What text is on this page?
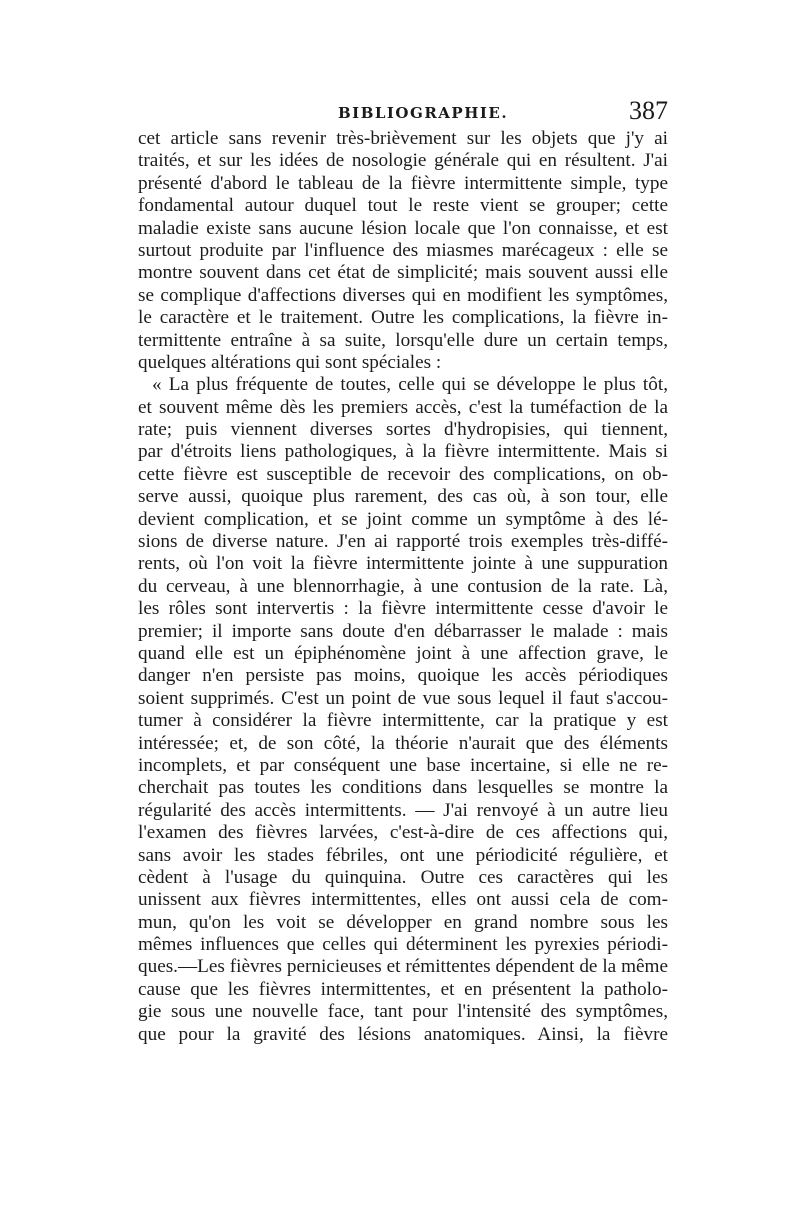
BIBLIOGRAPHIE.	387
cet article sans revenir très-brièvement sur les objets que j'y ai
traités, et sur les idées de nosologie générale qui en résultent. J'ai
présenté d'abord le tableau de la fièvre intermittente simple, type
fondamental autour duquel tout le reste vient se grouper; cette
maladie existe sans aucune lésion locale que l'on connaisse, et est
surtout produite par l'influence des miasmes marécageux : elle se
montre souvent dans cet état de simplicité; mais souvent aussi elle
se complique d'affections diverses qui en modifient les symptômes,
le caractère et le traitement. Outre les complications, la fièvre in-
termittente entraîne à sa suite, lorsqu'elle dure un certain temps,
quelques altérations qui sont spéciales :
« La plus fréquente de toutes, celle qui se développe le plus tôt,
et souvent même dès les premiers accès, c'est la tuméfaction de la
rate; puis viennent diverses sortes d'hydropisies, qui tiennent,
par d'étroits liens pathologiques, à la fièvre intermittente. Mais si
cette fièvre est susceptible de recevoir des complications, on ob-
serve aussi, quoique plus rarement, des cas où, à son tour, elle
devient complication, et se joint comme un symptôme à des lé-
sions de diverse nature. J'en ai rapporté trois exemples très-diffé-
rents, où l'on voit la fièvre intermittente jointe à une suppuration
du cerveau, à une blennorrhagie, à une contusion de la rate. Là,
les rôles sont intervertis : la fièvre intermittente cesse d'avoir le
premier; il importe sans doute d'en débarrasser le malade : mais
quand elle est un épiphénomène joint à une affection grave, le
danger n'en persiste pas moins, quoique les accès périodiques
soient supprimés. C'est un point de vue sous lequel il faut s'accou-
tumer à considérer la fièvre intermittente, car la pratique y est
intéressée; et, de son côté, la théorie n'aurait que des éléments
incomplets, et par conséquent une base incertaine, si elle ne re-
cherchait pas toutes les conditions dans lesquelles se montre la
régularité des accès intermittents. — J'ai renvoyé à un autre lieu
l'examen des fièvres larvées, c'est-à-dire de ces affections qui,
sans avoir les stades fébriles, ont une périodicité régulière, et
cèdent à l'usage du quinquina. Outre ces caractères qui les
unissent aux fièvres intermittentes, elles ont aussi cela de com-
mun, qu'on les voit se développer en grand nombre sous les
mêmes influences que celles qui déterminent les pyrexies périodi-
ques.—Les fièvres pernicieuses et rémittentes dépendent de la même
cause que les fièvres intermittentes, et en présentent la patholo-
gie sous une nouvelle face, tant pour l'intensité des symptômes,
que pour la gravité des lésions anatomiques. Ainsi, la fièvre
